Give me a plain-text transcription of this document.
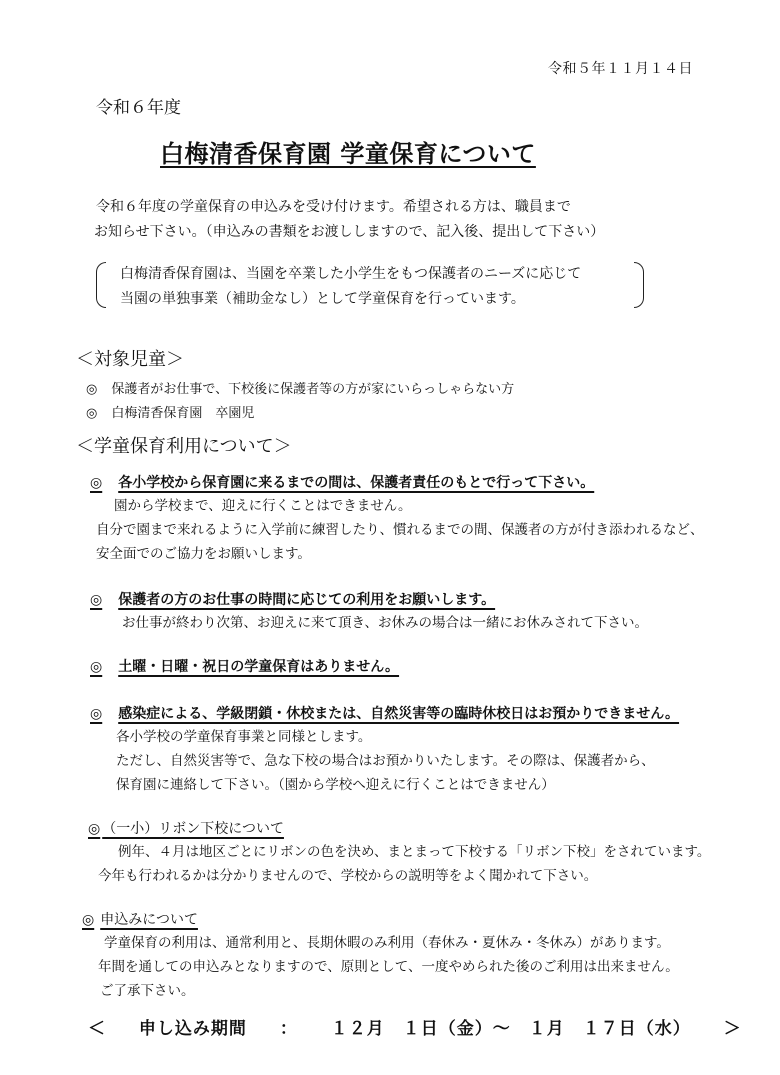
令和５年１１月１４日
令和６年度
白梅清香保育園 学童保育について
令和６年度の学童保育の申込みを受け付けます。希望される方は、職員まで
お知らせ下さい。（申込みの書類をお渡ししますので、記入後、提出して下さい）
白梅清香保育園は、当園を卒業した小学生をもつ保護者のニーズに応じて
当園の単独事業（補助金なし）として学童保育を行っています。
＜対象児童＞
◎ 保護者がお仕事で、下校後に保護者等の方が家にいらっしゃらない方
◎ 白梅清香保育園　卒園児
＜学童保育利用について＞
◎ 各小学校から保育園に来るまでの間は、保護者責任のもとで行って下さい。
園から学校まで、迎えに行くことはできません。
自分で園まで来れるように入学前に練習したり、慣れるまでの間、保護者の方が付き添われるなど、
安全面でのご協力をお願いします。
◎ 保護者の方のお仕事の時間に応じての利用をお願いします。
お仕事が終わり次第、お迎えに来て頂き、お休みの場合は一緒にお休みされて下さい。
◎ 土曜・日曜・祝日の学童保育はありません。
◎ 感染症による、学級閉鎖・休校または、自然災害等の臨時休校日はお預かりできません。
各小学校の学童保育事業と同様とします。
ただし、自然災害等で、急な下校の場合はお預かりいたします。その際は、保護者から、
保育園に連絡して下さい。（園から学校へ迎えに行くことはできません）
◎ （一小）リボン下校について
例年、４月は地区ごとにリボンの色を決め、まとまって下校する「リボン下校」をされています。
今年も行われるかは分かりませんので、学校からの説明等をよく聞かれて下さい。
◎ 申込みについて
学童保育の利用は、通常利用と、長期休暇のみ利用（春休み・夏休み・冬休み）があります。
年間を通しての申込みとなりますので、原則として、一度やめられた後のご利用は出来ません。
ご了承下さい。
＜ 申し込み期間 ： １２月　１日（金）～　１月　１７日（水） ＞
